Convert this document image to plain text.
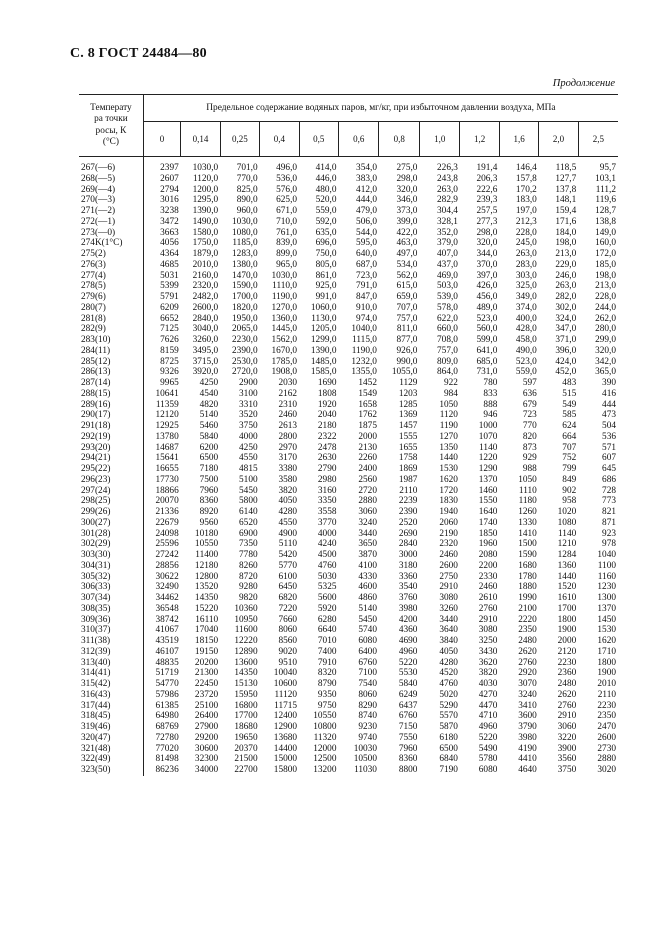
С. 8 ГОСТ 24484—80
Продолжение
Температу
ра точки
росы, К
(°С)	Предельное содержание водяных паров, мг/кг, при избыточном давлении воздуха, МПа											
	0	0,14	0,25	0,4	0,5	0,6	0,8	1,0	1,2	1,6	2,0	2,5

267(—6)	2397	1030,0	701,0	496,0	414,0	354,0	275,0	226,3	191,4	146,4	118,5	95,7
268(—5)	2607	1120,0	770,0	536,0	446,0	383,0	298,0	243,8	206,3	157,8	127,7	103,1
269(—4)	2794	1200,0	825,0	576,0	480,0	412,0	320,0	263,0	222,6	170,2	137,8	111,2
270(—3)	3016	1295,0	890,0	625,0	520,0	444,0	346,0	282,9	239,3	183,0	148,1	119,6
271(—2)	3238	1390,0	960,0	671,0	559,0	479,0	373,0	304,4	257,5	197,0	159,4	128,7
272(—1)	3472	1490,0	1030,0	710,0	592,0	506,0	399,0	328,1	277,3	212,3	171,6	138,8
273(—0)	3663	1580,0	1080,0	761,0	635,0	544,0	422,0	352,0	298,0	228,0	184,0	149,0
274K(1°C)	4056	1750,0	1185,0	839,0	696,0	595,0	463,0	379,0	320,0	245,0	198,0	160,0
275(2)	4364	1879,0	1283,0	899,0	750,0	640,0	497,0	407,0	344,0	263,0	213,0	172,0
276(3)	4685	2010,0	1380,0	965,0	805,0	687,0	534,0	437,0	370,0	283,0	229,0	185,0
277(4)	5031	2160,0	1470,0	1030,0	861,0	723,0	562,0	469,0	397,0	303,0	246,0	198,0
278(5)	5399	2320,0	1590,0	1110,0	925,0	791,0	615,0	503,0	426,0	325,0	263,0	213,0
279(6)	5791	2482,0	1700,0	1190,0	991,0	847,0	659,0	539,0	456,0	349,0	282,0	228,0
280(7)	6209	2600,0	1820,0	1270,0	1060,0	910,0	707,0	578,0	489,0	374,0	302,0	244,0
281(8)	6652	2840,0	1950,0	1360,0	1130,0	974,0	757,0	622,0	523,0	400,0	324,0	262,0
282(9)	7125	3040,0	2065,0	1445,0	1205,0	1040,0	811,0	660,0	560,0	428,0	347,0	280,0
283(10)	7626	3260,0	2230,0	1562,0	1299,0	1115,0	877,0	708,0	599,0	458,0	371,0	299,0
284(11)	8159	3495,0	2390,0	1670,0	1390,0	1190,0	926,0	757,0	641,0	490,0	396,0	320,0
285(12)	8725	3715,0	2530,0	1785,0	1485,0	1232,0	990,0	809,0	685,0	523,0	424,0	342,0
286(13)	9326	3920,0	2720,0	1908,0	1585,0	1355,0	1055,0	864,0	731,0	559,0	452,0	365,0
287(14)	9965	4250	2900	2030	1690	1452	1129	922	780	597	483	390
288(15)	10641	4540	3100	2162	1808	1549	1203	984	833	636	515	416
289(16)	11359	4820	3310	2310	1920	1658	1285	1050	888	679	549	444
290(17)	12120	5140	3520	2460	2040	1762	1369	1120	946	723	585	473
291(18)	12925	5460	3750	2613	2180	1875	1457	1190	1000	770	624	504
292(19)	13780	5840	4000	2800	2322	2000	1555	1270	1070	820	664	536
293(20)	14687	6200	4250	2970	2478	2130	1655	1350	1140	873	707	571
294(21)	15641	6500	4550	3170	2630	2260	1758	1440	1220	929	752	607
295(22)	16655	7180	4815	3380	2790	2400	1869	1530	1290	988	799	645
296(23)	17730	7500	5100	3580	2980	2560	1987	1620	1370	1050	849	686
297(24)	18866	7960	5450	3820	3160	2720	2110	1720	1460	1110	902	728
298(25)	20070	8360	5800	4050	3350	2880	2239	1830	1550	1180	958	773
299(26)	21336	8920	6140	4280	3558	3060	2390	1940	1640	1260	1020	821
300(27)	22679	9560	6520	4550	3770	3240	2520	2060	1740	1330	1080	871
301(28)	24098	10180	6900	4900	4000	3440	2690	2190	1850	1410	1140	923
302(29)	25596	10550	7350	5110	4240	3650	2840	2320	1960	1500	1210	978
303(30)	27242	11400	7780	5420	4500	3870	3000	2460	2080	1590	1284	1040
304(31)	28856	12180	8260	5770	4760	4100	3180	2600	2200	1680	1360	1100
305(32)	30622	12800	8720	6100	5030	4330	3360	2750	2330	1780	1440	1160
306(33)	32490	13520	9280	6450	5325	4600	3540	2910	2460	1880	1520	1230
307(34)	34462	14350	9820	6820	5600	4860	3760	3080	2610	1990	1610	1300
308(35)	36548	15220	10360	7220	5920	5140	3980	3260	2760	2100	1700	1370
309(36)	38742	16110	10950	7660	6280	5450	4200	3440	2910	2220	1800	1450
310(37)	41067	17040	11600	8060	6640	5740	4360	3640	3080	2350	1900	1530
311(38)	43519	18150	12220	8560	7010	6080	4690	3840	3250	2480	2000	1620
312(39)	46107	19150	12890	9020	7400	6400	4960	4050	3430	2620	2120	1710
313(40)	48835	20200	13600	9510	7910	6760	5220	4280	3620	2760	2230	1800
314(41)	51719	21300	14350	10040	8320	7100	5530	4520	3820	2920	2360	1900
315(42)	54770	22450	15130	10600	8790	7540	5840	4760	4030	3070	2480	2010
316(43)	57986	23720	15950	11120	9350	8060	6249	5020	4270	3240	2620	2110
317(44)	61385	25100	16800	11715	9750	8290	6437	5290	4470	3410	2760	2230
318(45)	64980	26400	17700	12400	10550	8740	6760	5570	4710	3600	2910	2350
319(46)	68769	27900	18680	12900	10800	9230	7150	5870	4960	3790	3060	2470
320(47)	72780	29200	19650	13680	11320	9740	7550	6180	5220	3980	3220	2600
321(48)	77020	30600	20370	14400	12000	10030	7960	6500	5490	4190	3900	2730
322(49)	81498	32300	21500	15000	12500	10500	8360	6840	5780	4410	3560	2880
323(50)	86236	34000	22700	15800	13200	11030	8800	7190	6080	4640	3750	3020
